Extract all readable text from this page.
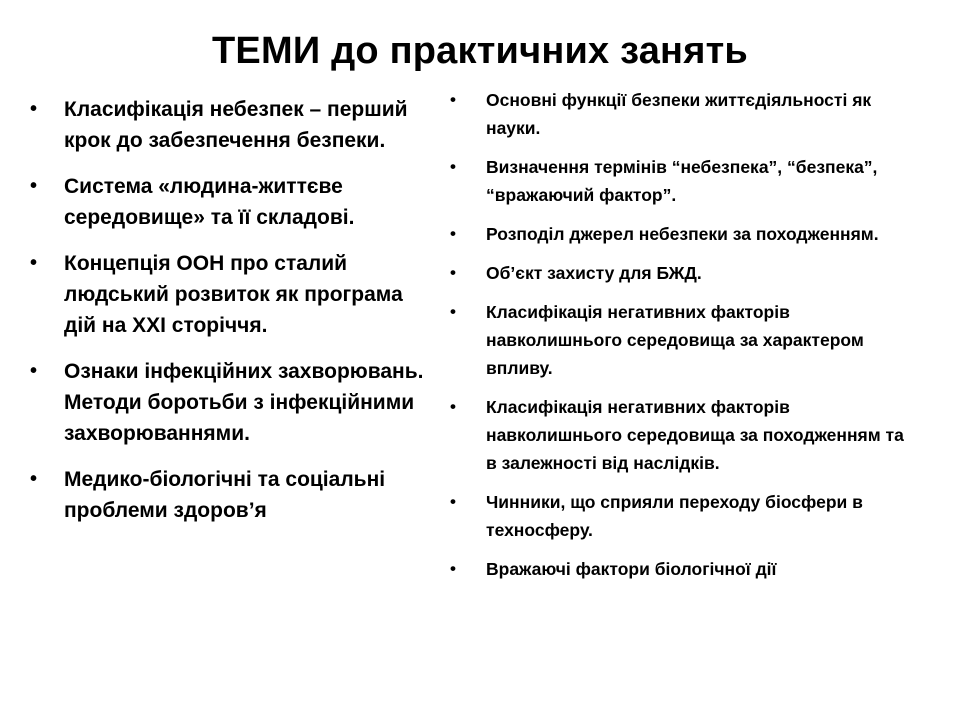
ТЕМИ до практичних занять
• Класифікація небезпек – перший крок до забезпечення безпеки.
• Система «людина-життєве середовище» та її складові.
• Концепція ООН про сталий людський розвиток як програма дій на ХХІ сторіччя.
• Ознаки інфекційних захворювань. Методи боротьби з інфекційними захворюваннями.
• Медико-біологічні та соціальні проблеми здоров’я
• Основні функції безпеки життєдіяльності як науки.
• Визначення термінів “небезпека”, “безпека”, “вражаючий фактор”.
• Розподіл джерел небезпеки за походженням.
• Об’єкт захисту для БЖД.
• Класифікація негативних факторів навколишнього середовища за характером впливу.
• Класифікація негативних факторів навколишнього середовища за походженням та в залежності від наслідків.
• Чинники, що сприяли переходу біосфери в техносферу.
• Вражаючі фактори біологічної дії
